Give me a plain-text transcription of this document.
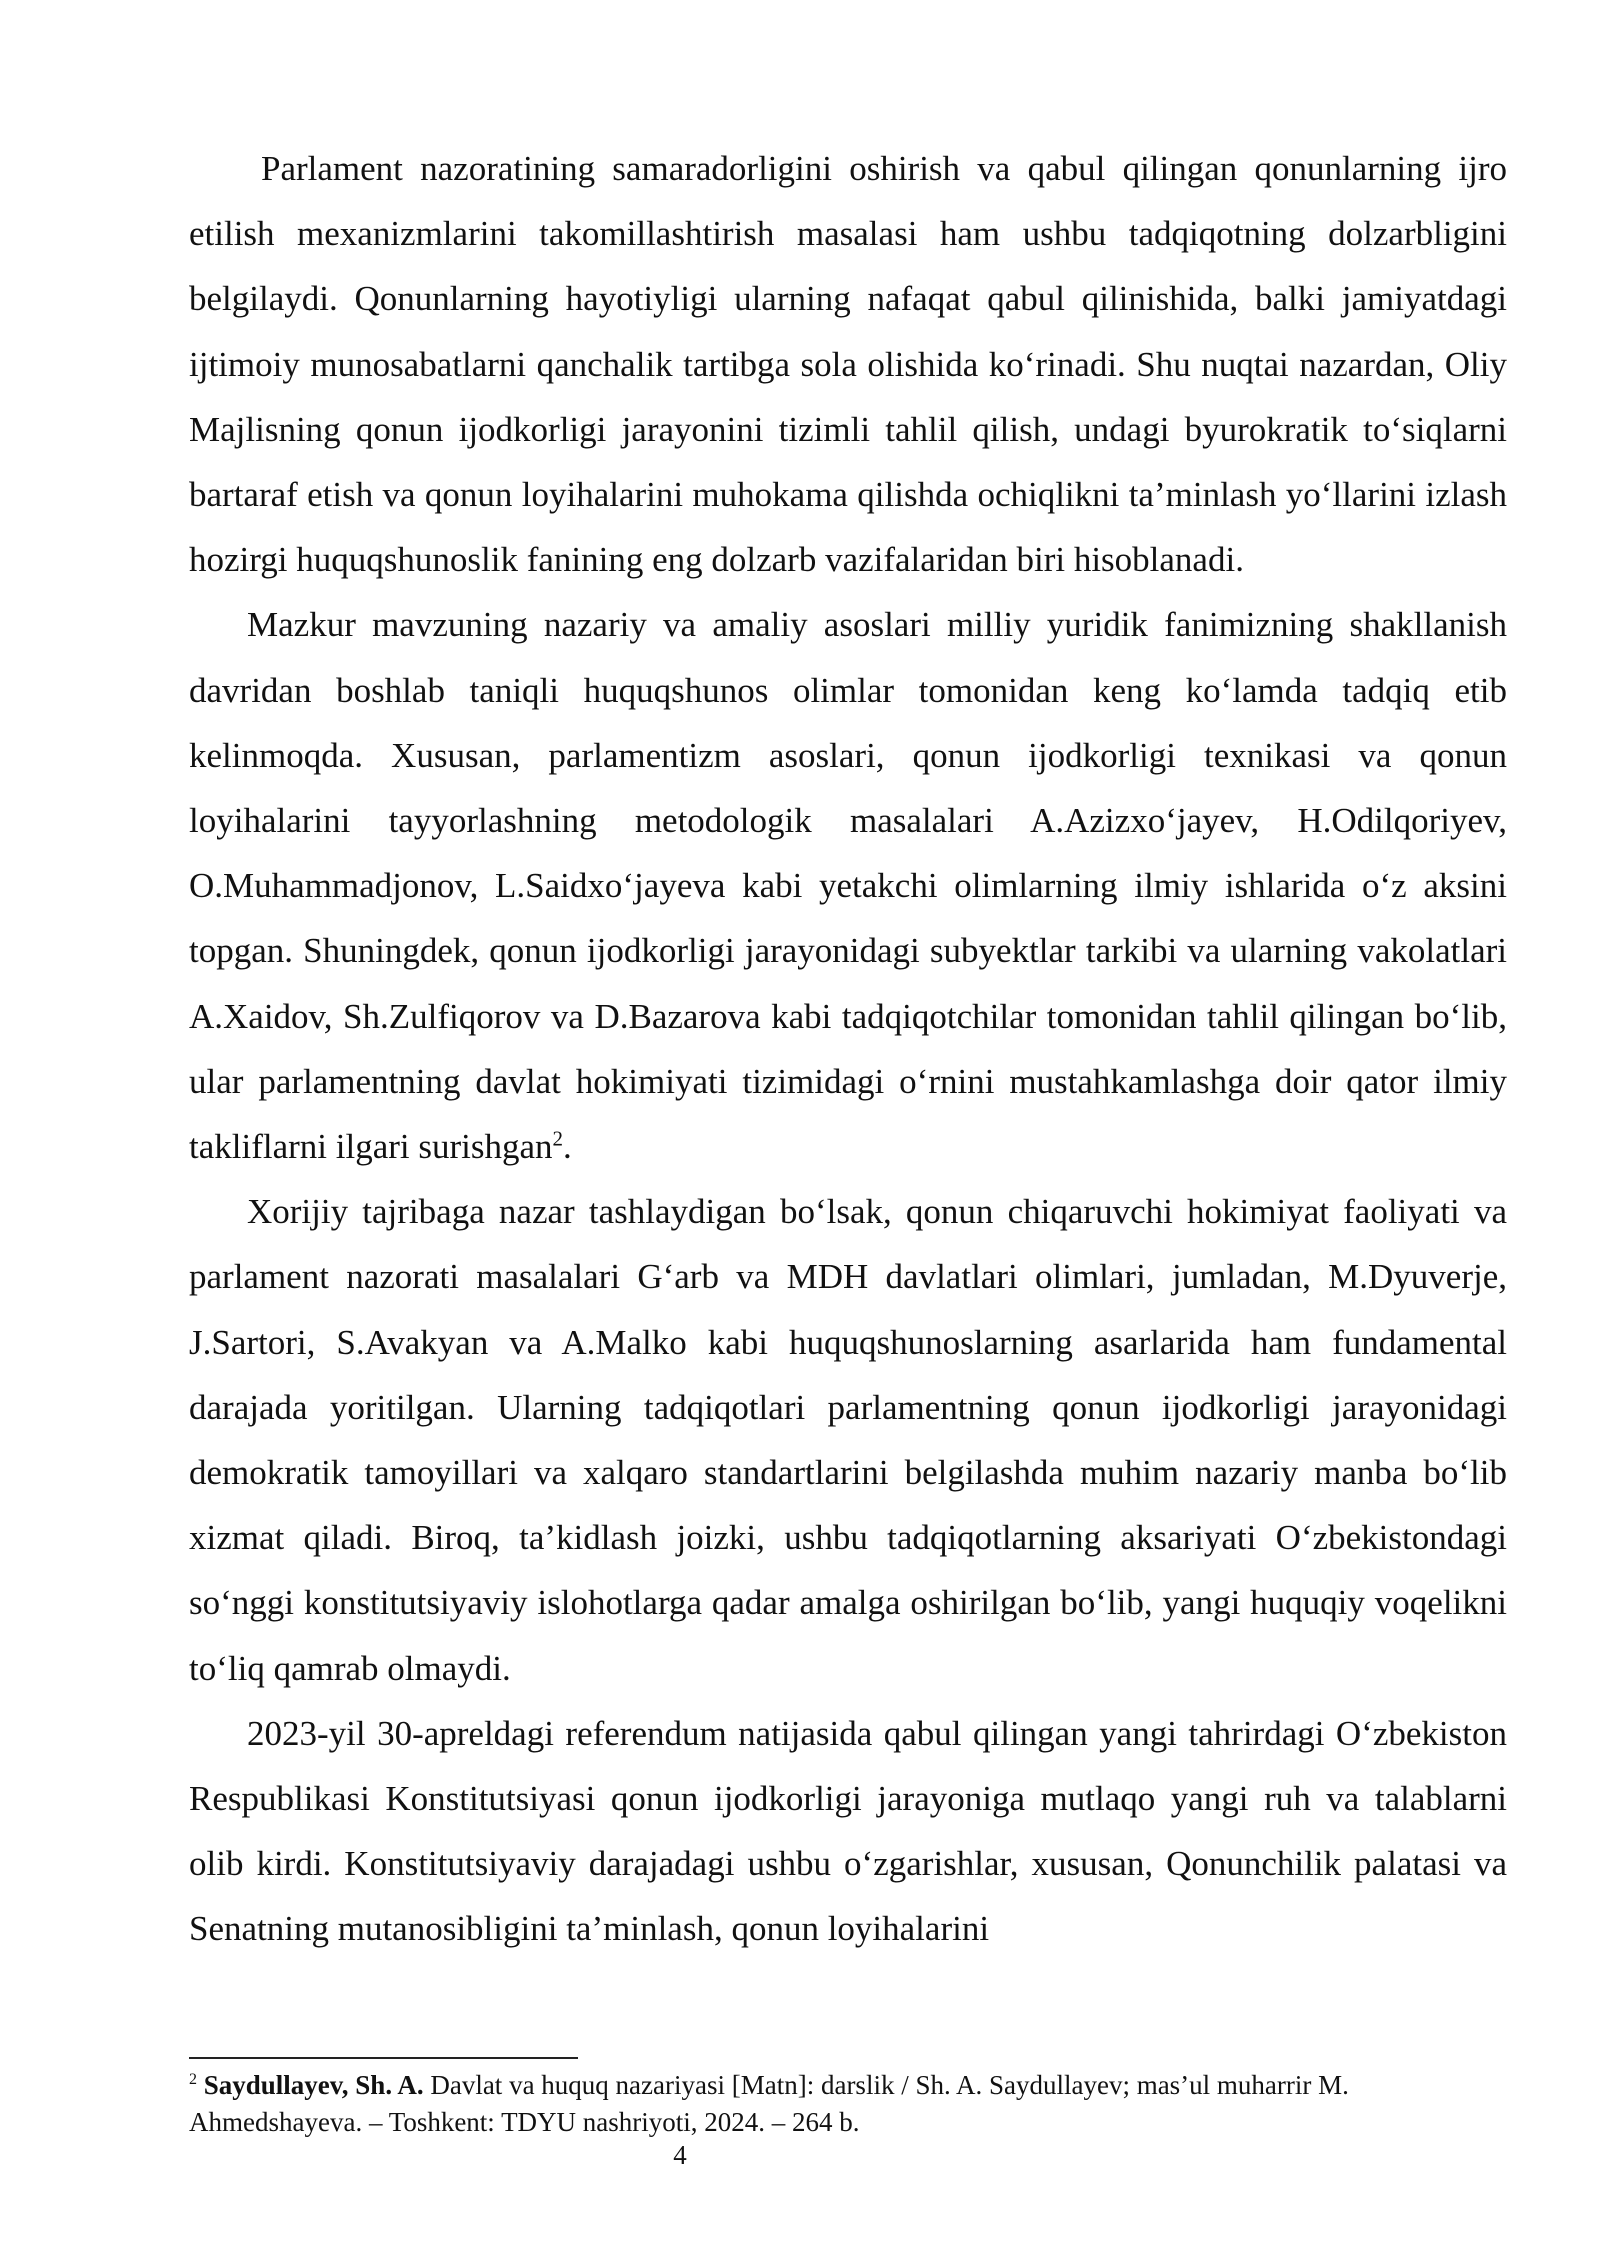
Parlament nazoratining samaradorligini oshirish va qabul qilingan qonunlarning ijro etilish mexanizmlarini takomillashtirish masalasi ham ushbu tadqiqotning dolzarbligini belgilaydi. Qonunlarning hayotiyligi ularning nafaqat qabul qilinishida, balki jamiyatdagi ijtimoiy munosabatlarni qanchalik tartibga sola olishida ko‘rinadi. Shu nuqtai nazardan, Oliy Majlisning qonun ijodkorligi jarayonini tizimli tahlil qilish, undagi byurokratik to‘siqlarni bartaraf etish va qonun loyihalarini muhokama qilishda ochiqlikni ta’minlash yo‘llarini izlash hozirgi huquqshunoslik fanining eng dolzarb vazifalaridan biri hisoblanadi.

Mazkur mavzuning nazariy va amaliy asoslari milliy yuridik fanimizning shakllanish davridan boshlab taniqli huquqshunos olimlar tomonidan keng ko‘lamda tadqiq etib kelinmoqda. Xususan, parlamentizm asoslari, qonun ijodkorligi texnikasi va qonun loyihalarini tayyorlashning metodologik masalalari A.Azizxo‘jayev, H.Odilqoriyev, O.Muhammadjonov, L.Saidxo‘jayeva kabi yetakchi olimlarning ilmiy ishlarida o‘z aksini topgan. Shuningdek, qonun ijodkorligi jarayonidagi subyektlar tarkibi va ularning vakolatlari A.Xaidov, Sh.Zulfiqorov va D.Bazarova kabi tadqiqotchilar tomonidan tahlil qilingan bo‘lib, ular parlamentning davlat hokimiyati tizimidagi o‘rnini mustahkamlashga doir qator ilmiy takliflarni ilgari surishgan$^2$.

Xorijiy tajribaga nazar tashlaydigan bo‘lsak, qonun chiqaruvchi hokimiyat faoliyati va parlament nazorati masalalari G‘arb va MDH davlatlari olimlari, jumladan, M.Dyuverje, J.Sartori, S.Avakyan va A.Malko kabi huquqshunoslarning asarlarida ham fundamental darajada yoritilgan. Ularning tadqiqotlari parlamentning qonun ijodkorligi jarayonidagi demokratik tamoyillari va xalqaro standartlarini belgilashda muhim nazariy manba bo‘lib xizmat qiladi. Biroq, ta’kidlash joizki, ushbu tadqiqotlarning aksariyati O‘zbekistondagi so‘nggi konstitutsiyaviy islohotlarga qadar amalga oshirilgan bo‘lib, yangi huquqiy voqelikni to‘liq qamrab olmaydi.

2023-yil 30-apreldagi referendum natijasida qabul qilingan yangi tahrirdagi O‘zbekiston Respublikasi Konstitutsiyasi qonun ijodkorligi jarayoniga mutlaqo yangi ruh va talablarni olib kirdi. Konstitutsiyaviy darajadagi ushbu o‘zgarishlar, xususan, Qonunchilik palatasi va Senatning mutanosibligini ta’minlash, qonun loyihalarini

$^2$ Saydullayev, Sh. A. Davlat va huquq nazariyasi [Matn]: darslik / Sh. A. Saydullayev; mas’ul muharrir M. Ahmedshayeva. – Toshkent: TDYU nashriyoti, 2024. – 264 b.

4
